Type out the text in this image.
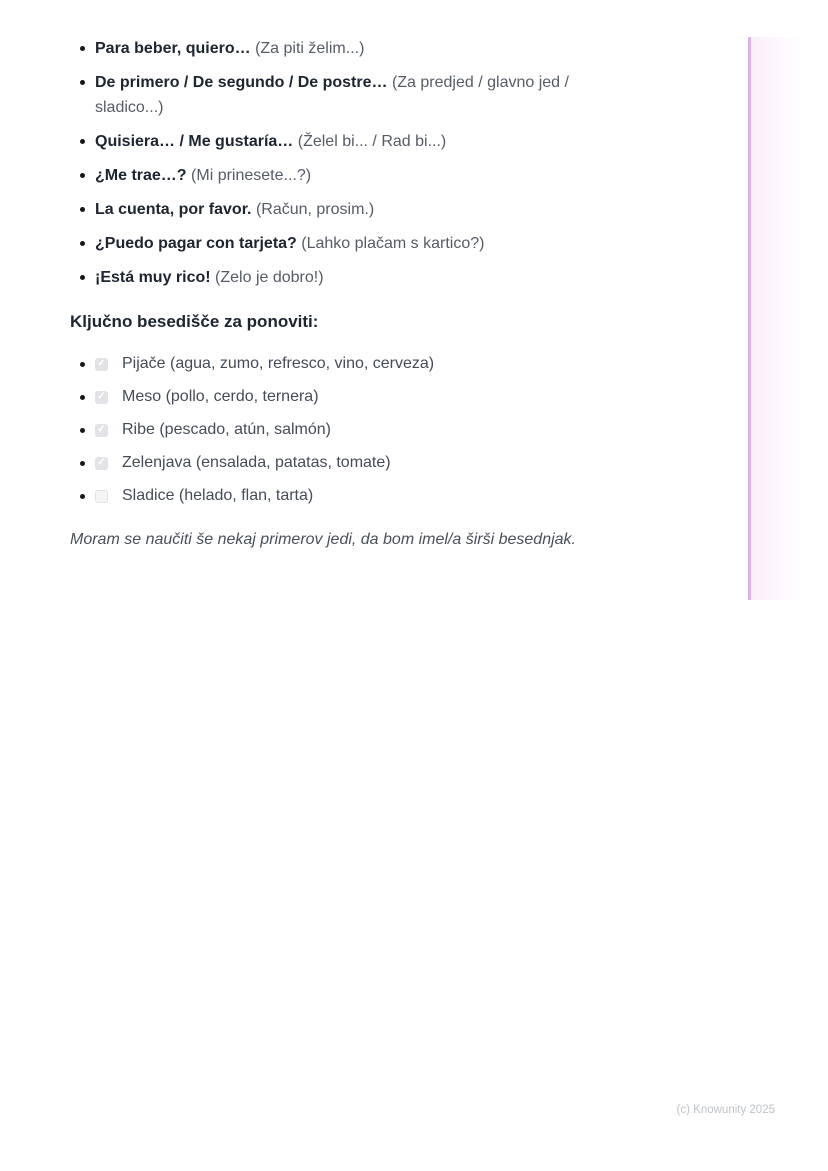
Para beber, quiero… (Za piti želim...)
De primero / De segundo / De postre… (Za predjed / glavno jed / sladico...)
Quisiera… / Me gustaría… (Želel bi... / Rad bi...)
¿Me trae…? (Mi prinesete...?)
La cuenta, por favor. (Račun, prosim.)
¿Puedo pagar con tarjeta? (Lahko plačam s kartico?)
¡Está muy rico! (Zelo je dobro!)
Ključno besedišče za ponoviti:
✓ Pijače (agua, zumo, refresco, vino, cerveza)
✓ Meso (pollo, cerdo, ternera)
✓ Ribe (pescado, atún, salmón)
✓ Zelenjava (ensalada, patatas, tomate)
Sladice (helado, flan, tarta)

Moram se naučiti še nekaj primerov jedi, da bom imel/a širši besednjak.

(c) Knowunity 2025
